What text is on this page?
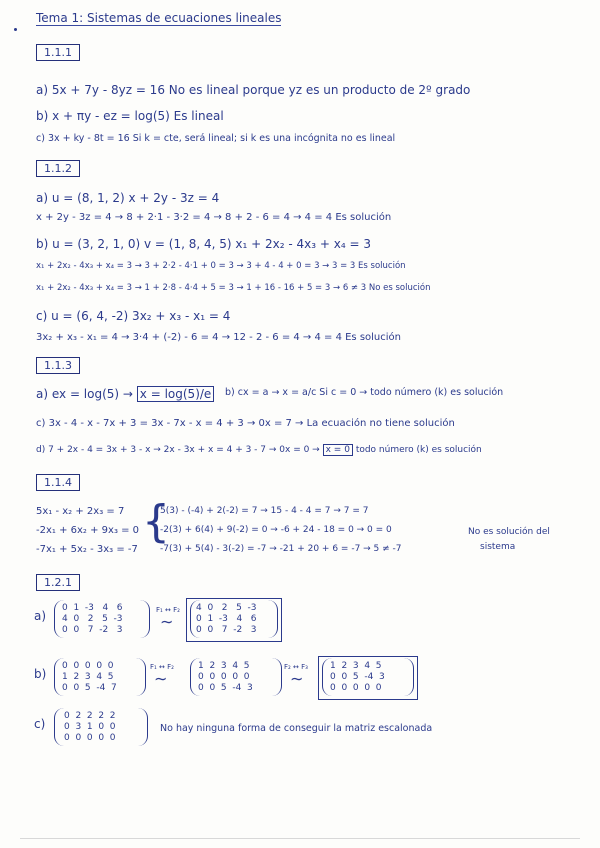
Tema 1: Sistemas de ecuaciones lineales
1.1.1
a) 5x + 7y - 8yz = 16 No es lineal porque yz es un producto de 2º grado
b) x + πy - ez = log(5) Es lineal
c) 3x + ky - 8t = 16 Si k = cte, será lineal; si k es una incógnita no es lineal
1.1.2
a) u = (8, 1, 2) x + 2y - 3z = 4
x + 2y - 3z = 4 → 8 + 2·1 - 3·2 = 4 → 8 + 2 - 6 = 4 → 4 = 4 Es solución
b) u = (3, 2, 1, 0) v = (1, 8, 4, 5) x₁ + 2x₂ - 4x₃ + x₄ = 3
x₁ + 2x₂ - 4x₃ + x₄ = 3 → 3 + 2·2 - 4·1 + 0 = 3 → 3 + 4 - 4 + 0 = 3 → 3 = 3 Es solución
x₁ + 2x₂ - 4x₃ + x₄ = 3 → 1 + 2·8 - 4·4 + 5 = 3 → 1 + 16 - 16 + 5 = 3 → 6 ≠ 3 No es solución
c) u = (6, 4, -2) 3x₂ + x₃ - x₁ = 4
3x₂ + x₃ - x₁ = 4 → 3·4 + (-2) - 6 = 4 → 12 - 2 - 6 = 4 → 4 = 4 Es solución
1.1.3
a) ex = log(5) → x = log(5)/e	b) cx = a → x = a/c Si c = 0 → todo número (k) es solución
c) 3x - 4 - x - 7x + 3 = 3x - 7x - x = 4 + 3 → 0x = 7 → La ecuación no tiene solución
d) 7 + 2x - 4 = 3x + 3 - x → 2x - 3x + x = 4 + 3 - 7 → 0x = 0 → x = 0 todo número (k) es solución
1.1.4
5x₁ - x₂ + 2x₃ = 7
-2x₁ + 6x₂ + 9x₃ = 0
-7x₁ + 5x₂ - 3x₃ = -7
{
5(3) - (-4) + 2(-2) = 7 → 15 - 4 - 4 = 7 → 7 = 7
-2(3) + 6(4) + 9(-2) = 0 → -6 + 24 - 18 = 0 → 0 = 0
-7(3) + 5(4) - 3(-2) = -7 → -21 + 20 + 6 = -7 → 5 ≠ -7
No es solución del
sistema
1.2.1
a)
0  1  -3   4   6
4  0   2   5  -3
0  0   7  -2   3
F₁ ↔ F₂
∼
4  0   2   5  -3
0  1  -3   4   6
0  0   7  -2   3
b)
0  0  0  0  0
1  2  3  4  5
0  0  5  -4  7
F₁ ↔ F₂
∼
1  2  3  4  5
0  0  0  0  0
0  0  5  -4  3
F₂ ↔ F₃
∼
1  2  3  4  5
0  0  5  -4  3
0  0  0  0  0
c)
0  2  2  2  2
0  3  1  0  0
0  0  0  0  0
No hay ninguna forma de conseguir la matriz escalonada
